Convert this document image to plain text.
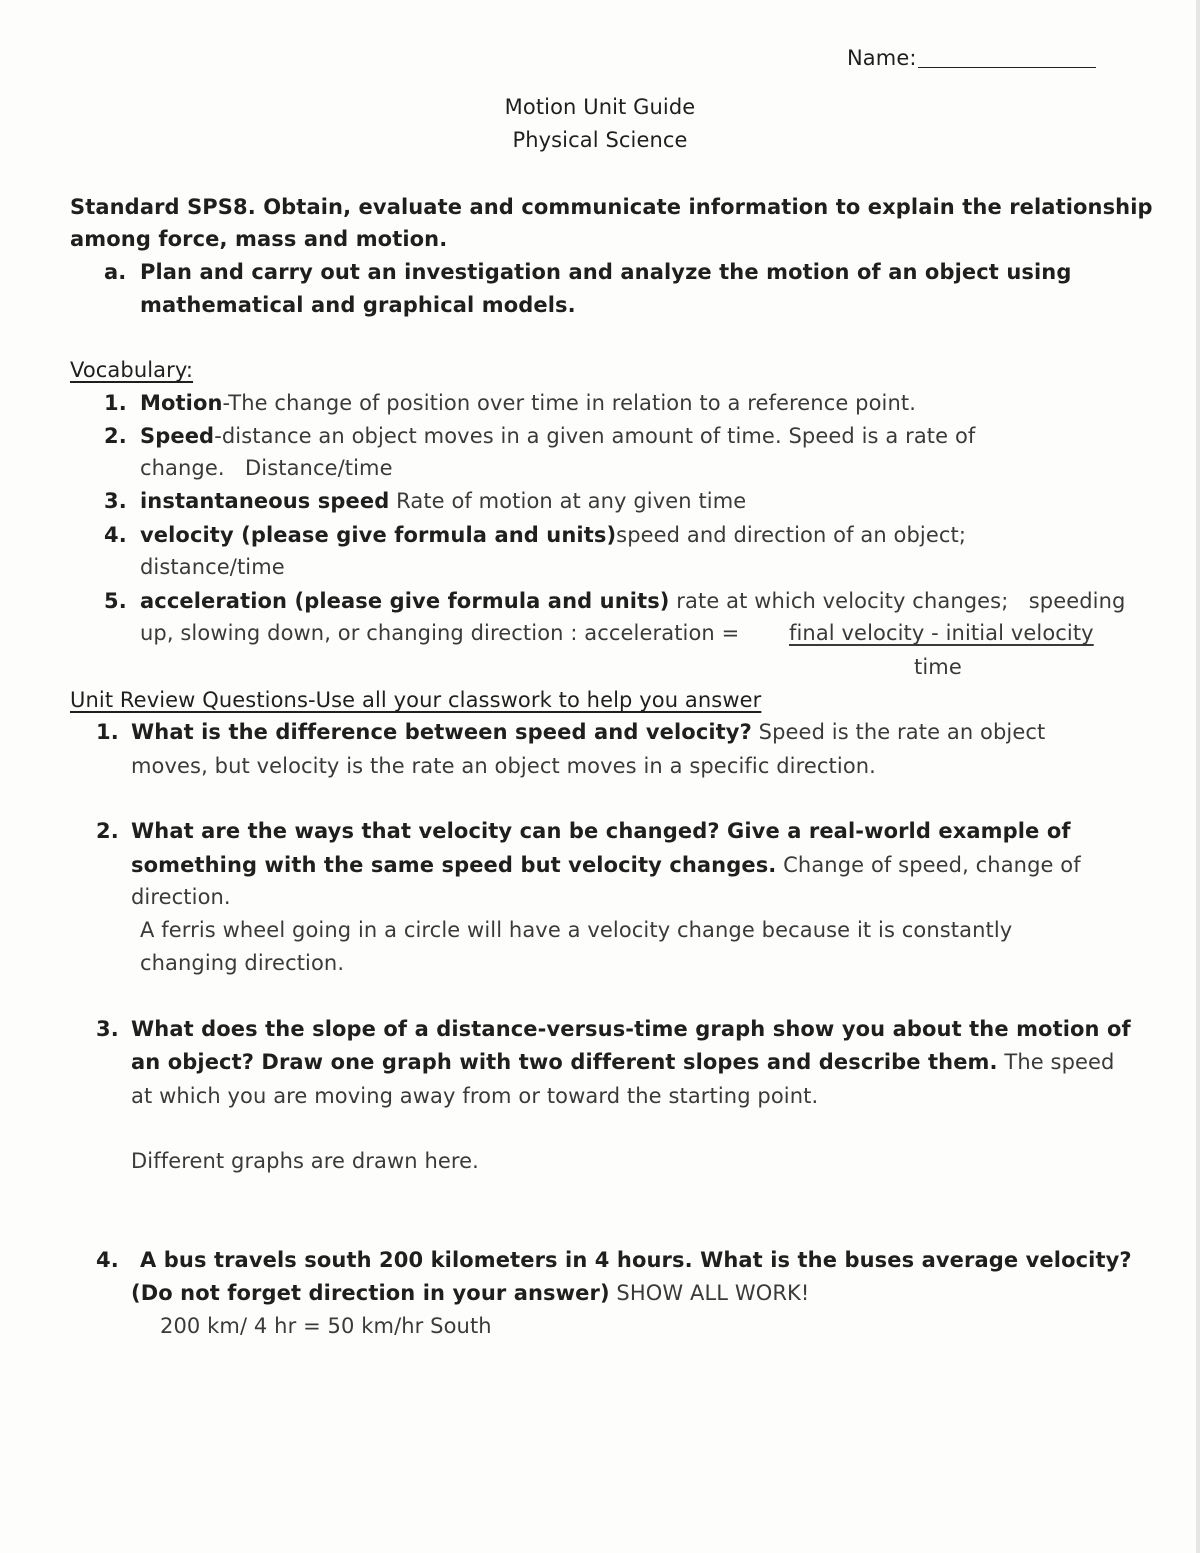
Name:
Motion Unit Guide
Physical Science
Standard SPS8. Obtain, evaluate and communicate information to explain the relationship
among force, mass and motion.
a. Plan and carry out an investigation and analyze the motion of an object using
mathematical and graphical models.
Vocabulary:
1. Motion-The change of position over time in relation to a reference point.
2. Speed-distance an object moves in a given amount of time. Speed is a rate of
change.   Distance/time
3. instantaneous speed Rate of motion at any given time
4. velocity (please give formula and units)speed and direction of an object;
distance/time
5. acceleration (please give formula and units) rate at which velocity changes;   speeding
up, slowing down, or changing direction : acceleration = final velocity - initial velocity
time
Unit Review Questions-Use all your classwork to help you answer
1. What is the difference between speed and velocity? Speed is the rate an object
moves, but velocity is the rate an object moves in a specific direction.
2. What are the ways that velocity can be changed? Give a real-world example of
something with the same speed but velocity changes. Change of speed, change of
direction.
A ferris wheel going in a circle will have a velocity change because it is constantly
changing direction.
3. What does the slope of a distance-versus-time graph show you about the motion of
an object? Draw one graph with two different slopes and describe them. The speed
at which you are moving away from or toward the starting point.
Different graphs are drawn here.
4. A bus travels south 200 kilometers in 4 hours. What is the buses average velocity?
(Do not forget direction in your answer) SHOW ALL WORK!
200 km/ 4 hr = 50 km/hr South
